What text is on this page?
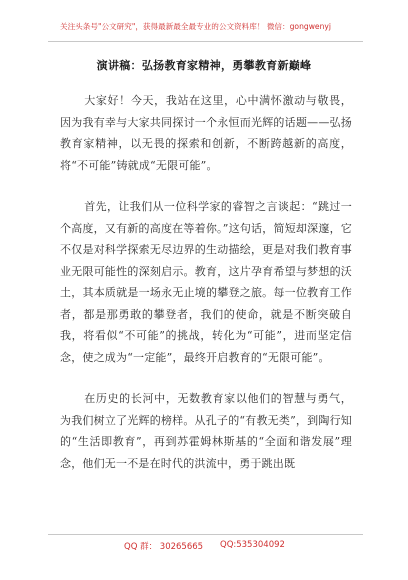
关注头条号"公文研究"，获得最新最全最专业的公文资料库！ 微信：gongwenyj
演讲稿：弘扬教育家精神，勇攀教育新巅峰

大家好！今天，我站在这里，心中满怀激动与敬畏，因为我有幸与大家共同探讨一个永恒而光辉的话题——弘扬教育家精神，以无畏的探索和创新，不断跨越新的高度，将“不可能”铸就成“无限可能”。

首先，让我们从一位科学家的睿智之言谈起：“跳过一个高度，又有新的高度在等着你。”这句话，简短却深邃，它不仅是对科学探索无尽边界的生动描绘，更是对我们教育事业无限可能性的深刻启示。教育，这片孕育希望与梦想的沃土，其本质就是一场永无止境的攀登之旅。每一位教育工作者，都是那勇敢的攀登者，我们的使命，就是不断突破自我，将看似“不可能”的挑战，转化为“可能”，进而坚定信念，使之成为“一定能”，最终开启教育的“无限可能”。

在历史的长河中，无数教育家以他们的智慧与勇气，为我们树立了光辉的榜样。从孔子的“有教无类”，到陶行知的“生活即教育”，再到苏霍姆林斯基的“全面和谐发展”理念，他们无一不是在时代的洪流中，勇于跳出既

QQ 群： 30265665 QQ:535304092
